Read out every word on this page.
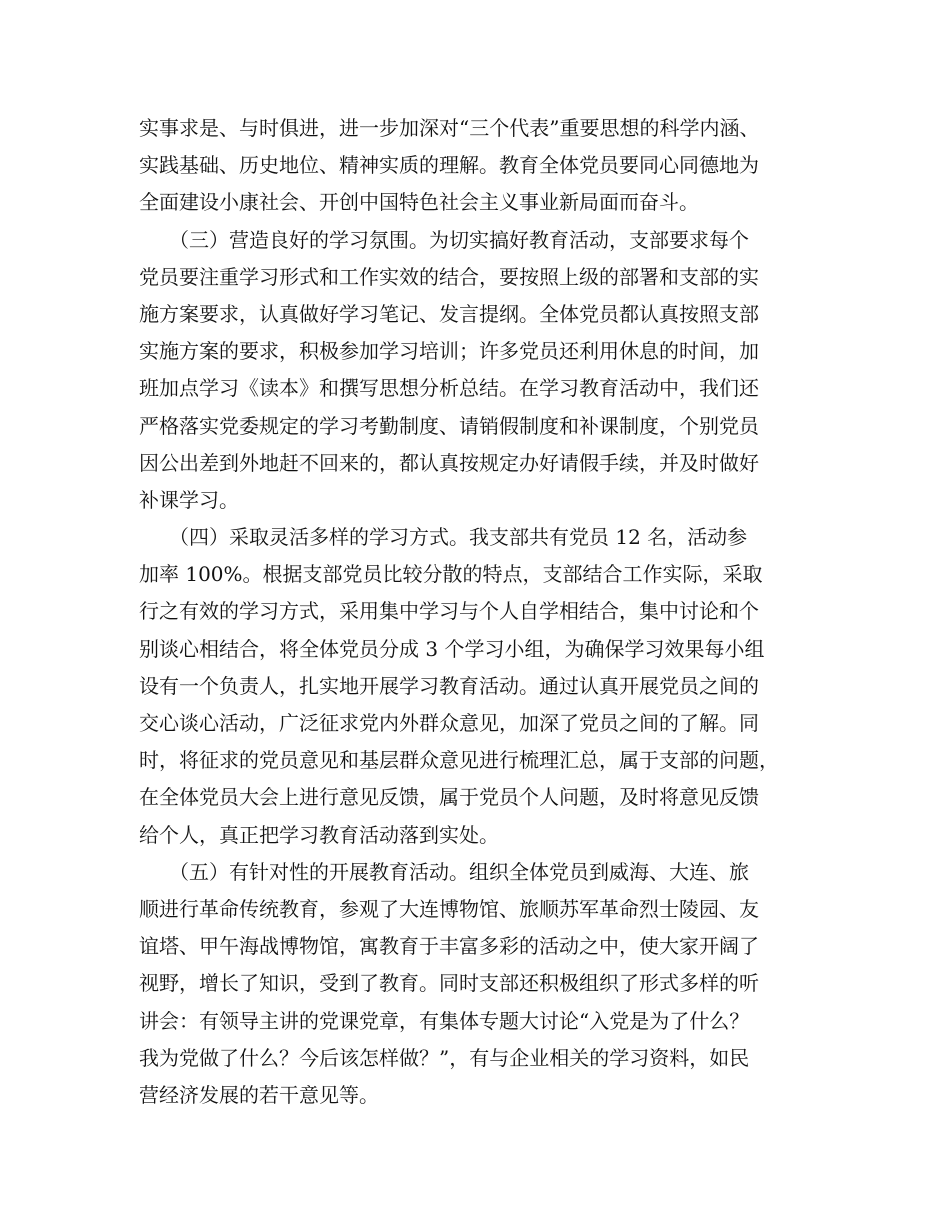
实事求是、与时俱进，进一步加深对“三个代表”重要思想的科学内涵、
实践基础、历史地位、精神实质的理解。教育全体党员要同心同德地为
全面建设小康社会、开创中国特色社会主义事业新局面而奋斗。
（三）营造良好的学习氛围。为切实搞好教育活动，支部要求每个
党员要注重学习形式和工作实效的结合，要按照上级的部署和支部的实
施方案要求，认真做好学习笔记、发言提纲。全体党员都认真按照支部
实施方案的要求，积极参加学习培训；许多党员还利用休息的时间，加
班加点学习《读本》和撰写思想分析总结。在学习教育活动中，我们还
严格落实党委规定的学习考勤制度、请销假制度和补课制度，个别党员
因公出差到外地赶不回来的，都认真按规定办好请假手续，并及时做好
补课学习。
（四）采取灵活多样的学习方式。我支部共有党员 12 名，活动参
加率 100%。根据支部党员比较分散的特点，支部结合工作实际，采取
行之有效的学习方式，采用集中学习与个人自学相结合，集中讨论和个
别谈心相结合，将全体党员分成 3 个学习小组，为确保学习效果每小组
设有一个负责人，扎实地开展学习教育活动。通过认真开展党员之间的
交心谈心活动，广泛征求党内外群众意见，加深了党员之间的了解。同
时，将征求的党员意见和基层群众意见进行梳理汇总，属于支部的问题，
在全体党员大会上进行意见反馈，属于党员个人问题，及时将意见反馈
给个人，真正把学习教育活动落到实处。
（五）有针对性的开展教育活动。组织全体党员到威海、大连、旅
顺进行革命传统教育，参观了大连博物馆、旅顺苏军革命烈士陵园、友
谊塔、甲午海战博物馆，寓教育于丰富多彩的活动之中，使大家开阔了
视野，增长了知识，受到了教育。同时支部还积极组织了形式多样的听
讲会：有领导主讲的党课党章，有集体专题大讨论“入党是为了什么？
我为党做了什么？今后该怎样做？”，有与企业相关的学习资料，如民
营经济发展的若干意见等。
